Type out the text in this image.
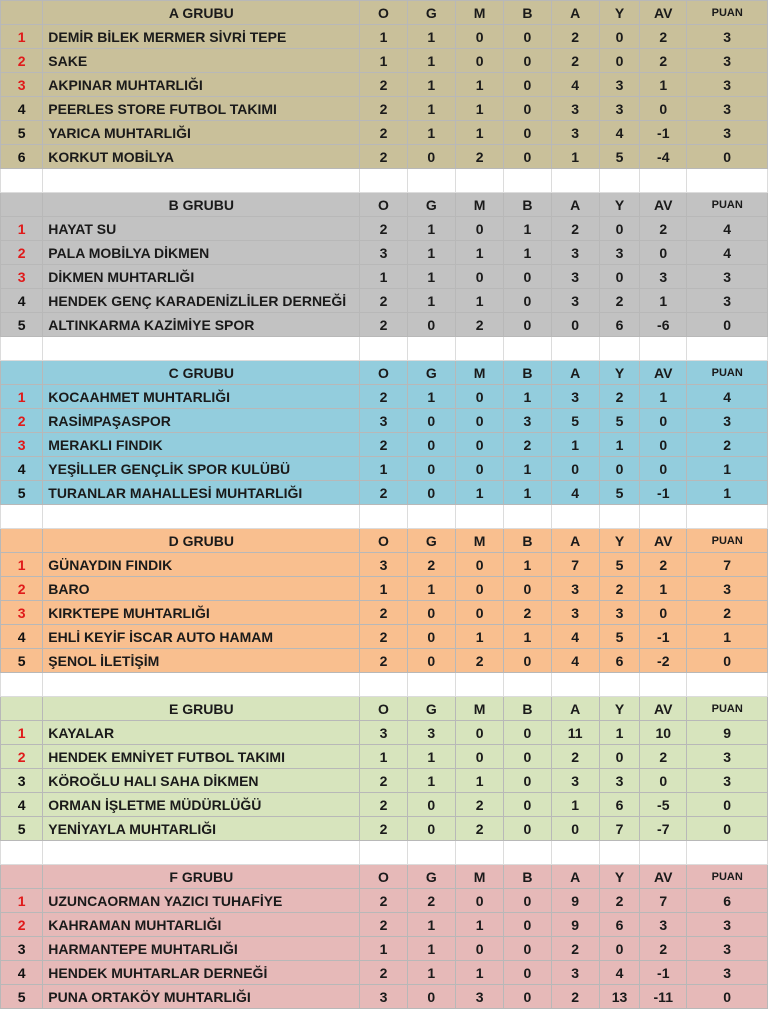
	A GRUBU	O	G	M	B	A	Y	AV	PUAN
1	DEMİR BİLEK MERMER SİVRİ TEPE	1	1	0	0	2	0	2	3
2	SAKE	1	1	0	0	2	0	2	3
3	AKPINAR MUHTARLIĞI	2	1	1	0	4	3	1	3
4	PEERLES STORE FUTBOL TAKIMI	2	1	1	0	3	3	0	3
5	YARICA MUHTARLIĞI	2	1	1	0	3	4	-1	3
6	KORKUT MOBİLYA	2	0	2	0	1	5	-4	0

	B GRUBU	O	G	M	B	A	Y	AV	PUAN
1	HAYAT SU	2	1	0	1	2	0	2	4
2	PALA MOBİLYA DİKMEN	3	1	1	1	3	3	0	4
3	DİKMEN MUHTARLIĞI	1	1	0	0	3	0	3	3
4	HENDEK GENÇ KARADENİZLİLER DERNEĞİ	2	1	1	0	3	2	1	3
5	ALTINKARMA KAZİMİYE SPOR	2	0	2	0	0	6	-6	0

	C GRUBU	O	G	M	B	A	Y	AV	PUAN
1	KOCAAHMET MUHTARLIĞI	2	1	0	1	3	2	1	4
2	RASİMPAŞASPOR	3	0	0	3	5	5	0	3
3	MERAKLI FINDIK	2	0	0	2	1	1	0	2
4	YEŞİLLER GENÇLİK SPOR KULÜBÜ	1	0	0	1	0	0	0	1
5	TURANLAR MAHALLESİ MUHTARLIĞI	2	0	1	1	4	5	-1	1

	D GRUBU	O	G	M	B	A	Y	AV	PUAN
1	GÜNAYDIN FINDIK	3	2	0	1	7	5	2	7
2	BARO	1	1	0	0	3	2	1	3
3	KIRKTEPE MUHTARLIĞI	2	0	0	2	3	3	0	2
4	EHLİ KEYİF İSCAR AUTO HAMAM	2	0	1	1	4	5	-1	1
5	ŞENOL İLETİŞİM	2	0	2	0	4	6	-2	0

	E GRUBU	O	G	M	B	A	Y	AV	PUAN
1	KAYALAR	3	3	0	0	11	1	10	9
2	HENDEK EMNİYET FUTBOL TAKIMI	1	1	0	0	2	0	2	3
3	KÖROĞLU HALI SAHA DİKMEN	2	1	1	0	3	3	0	3
4	ORMAN İŞLETME MÜDÜRLÜĞÜ	2	0	2	0	1	6	-5	0
5	YENİYAYLA MUHTARLIĞI	2	0	2	0	0	7	-7	0

	F GRUBU	O	G	M	B	A	Y	AV	PUAN
1	UZUNCAORMAN YAZICI TUHAFİYE	2	2	0	0	9	2	7	6
2	KAHRAMAN MUHTARLIĞI	2	1	1	0	9	6	3	3
3	HARMANTEPE MUHTARLIĞI	1	1	0	0	2	0	2	3
4	HENDEK MUHTARLAR DERNEĞİ	2	1	1	0	3	4	-1	3
5	PUNA ORTAKÖY MUHTARLIĞI	3	0	3	0	2	13	-11	0
